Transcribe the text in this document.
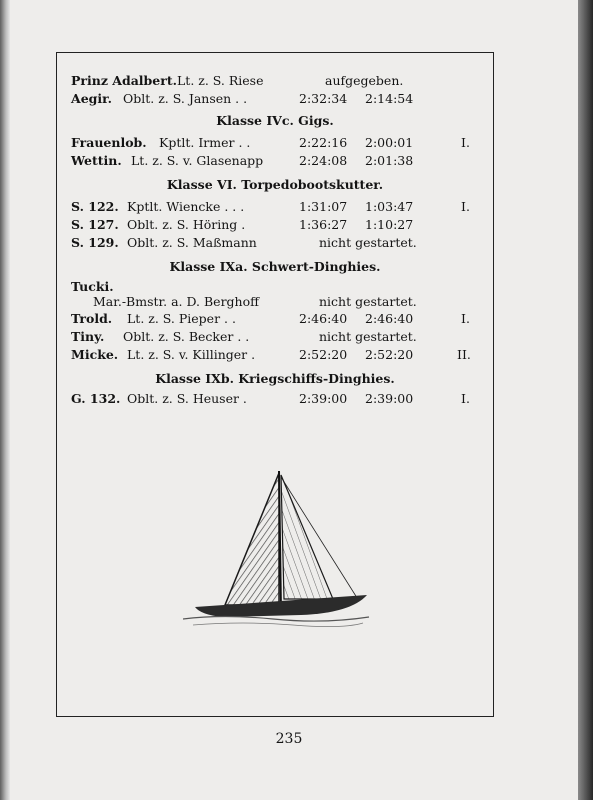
Prinz Adalbert. Lt. z. S. Riese	aufgegeben.
Aegir. Oblt. z. S. Jansen . .	2:32:34 2:14:54
Klasse IVc. Gigs.
Frauenlob. Kptlt. Irmer . .	2:22:16 2:00:01	I.
Wettin. Lt. z. S. v. Glasenapp	2:24:08 2:01:38
Klasse VI. Torpedobootskutter.
S. 122. Kptlt. Wiencke . . .	1:31:07 1:03:47	I.
S. 127. Oblt. z. S. Höring .	1:36:27 1:10:27
S. 129. Oblt. z. S. Maßmann	nicht gestartet.
Klasse IXa. Schwert-Dinghies.
Tucki.
Mar.-Bmstr. a. D. Berghoff	nicht gestartet.
Trold. Lt. z. S. Pieper . .	2:46:40 2:46:40	I.
Tiny. Oblt. z. S. Becker . .	nicht gestartet.
Micke. Lt. z. S. v. Killinger .	2:52:20 2:52:20	II.
Klasse IXb. Kriegschiffs-Dinghies.
G. 132. Oblt. z. S. Heuser .	2:39:00 2:39:00	I.
235
